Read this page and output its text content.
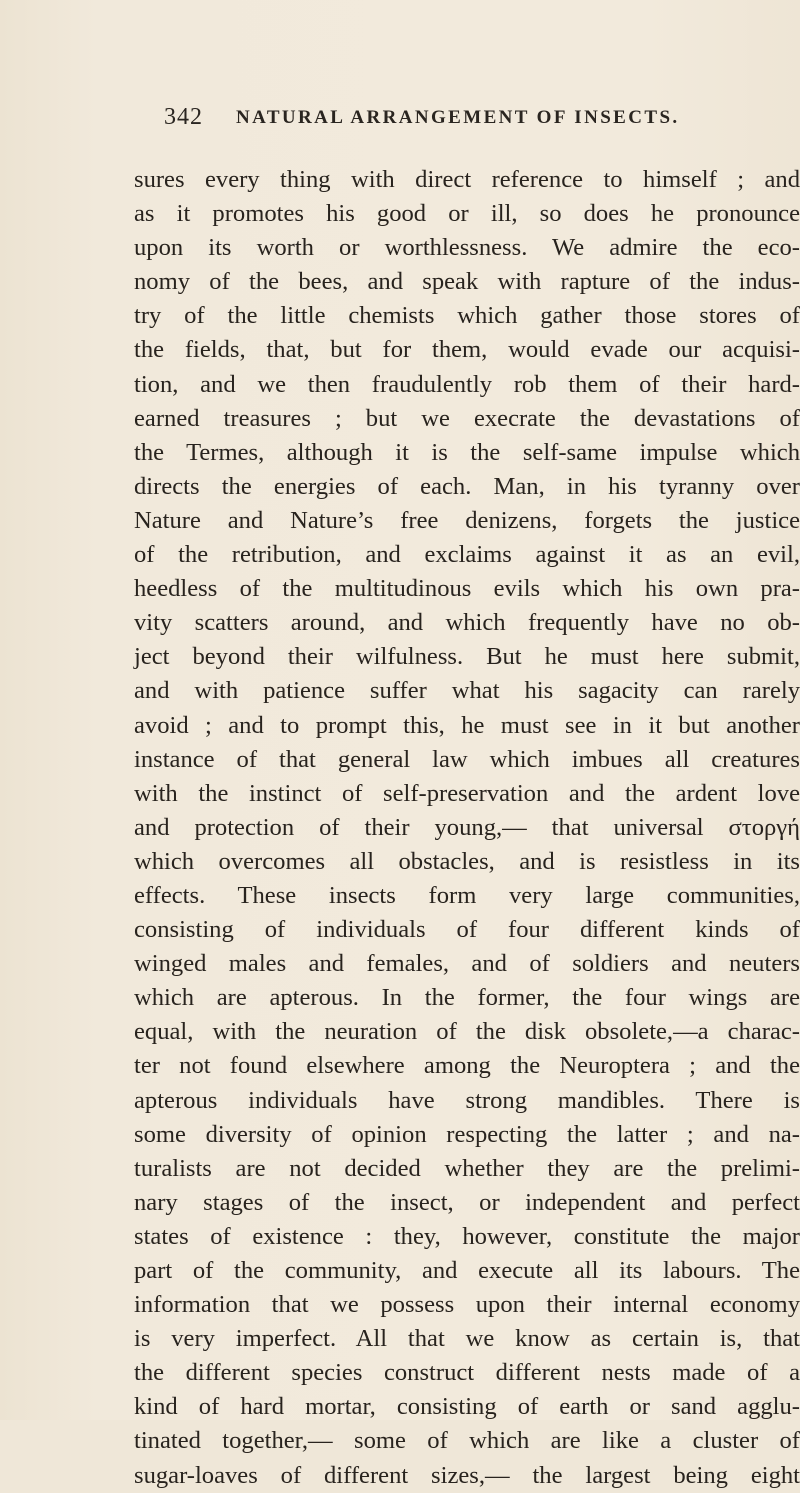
342 NATURAL ARRANGEMENT OF INSECTS.
sures every thing with direct reference to himself ; and
as it promotes his good or ill, so does he pronounce
upon its worth or worthlessness. We admire the eco-
nomy of the bees, and speak with rapture of the indus-
try of the little chemists which gather those stores of
the fields, that, but for them, would evade our acquisi-
tion, and we then fraudulently rob them of their hard-
earned treasures ; but we execrate the devastations of
the Termes, although it is the self-same impulse which
directs the energies of each. Man, in his tyranny over
Nature and Nature’s free denizens, forgets the justice
of the retribution, and exclaims against it as an evil,
heedless of the multitudinous evils which his own pra-
vity scatters around, and which frequently have no ob-
ject beyond their wilfulness. But he must here submit,
and with patience suffer what his sagacity can rarely
avoid ; and to prompt this, he must see in it but another
instance of that general law which imbues all creatures
with the instinct of self-preservation and the ardent love
and protection of their young,— that universal στοργή
which overcomes all obstacles, and is resistless in its
effects. These insects form very large communities,
consisting of individuals of four different kinds of
winged males and females, and of soldiers and neuters
which are apterous. In the former, the four wings are
equal, with the neuration of the disk obsolete,—a charac-
ter not found elsewhere among the Neuroptera ; and the
apterous individuals have strong mandibles. There is
some diversity of opinion respecting the latter ; and na-
turalists are not decided whether they are the prelimi-
nary stages of the insect, or independent and perfect
states of existence : they, however, constitute the major
part of the community, and execute all its labours. The
information that we possess upon their internal economy
is very imperfect. All that we know as certain is, that
the different species construct different nests made of a
kind of hard mortar, consisting of earth or sand agglu-
tinated together,— some of which are like a cluster of
sugar-loaves of different sizes,— the largest being eight
